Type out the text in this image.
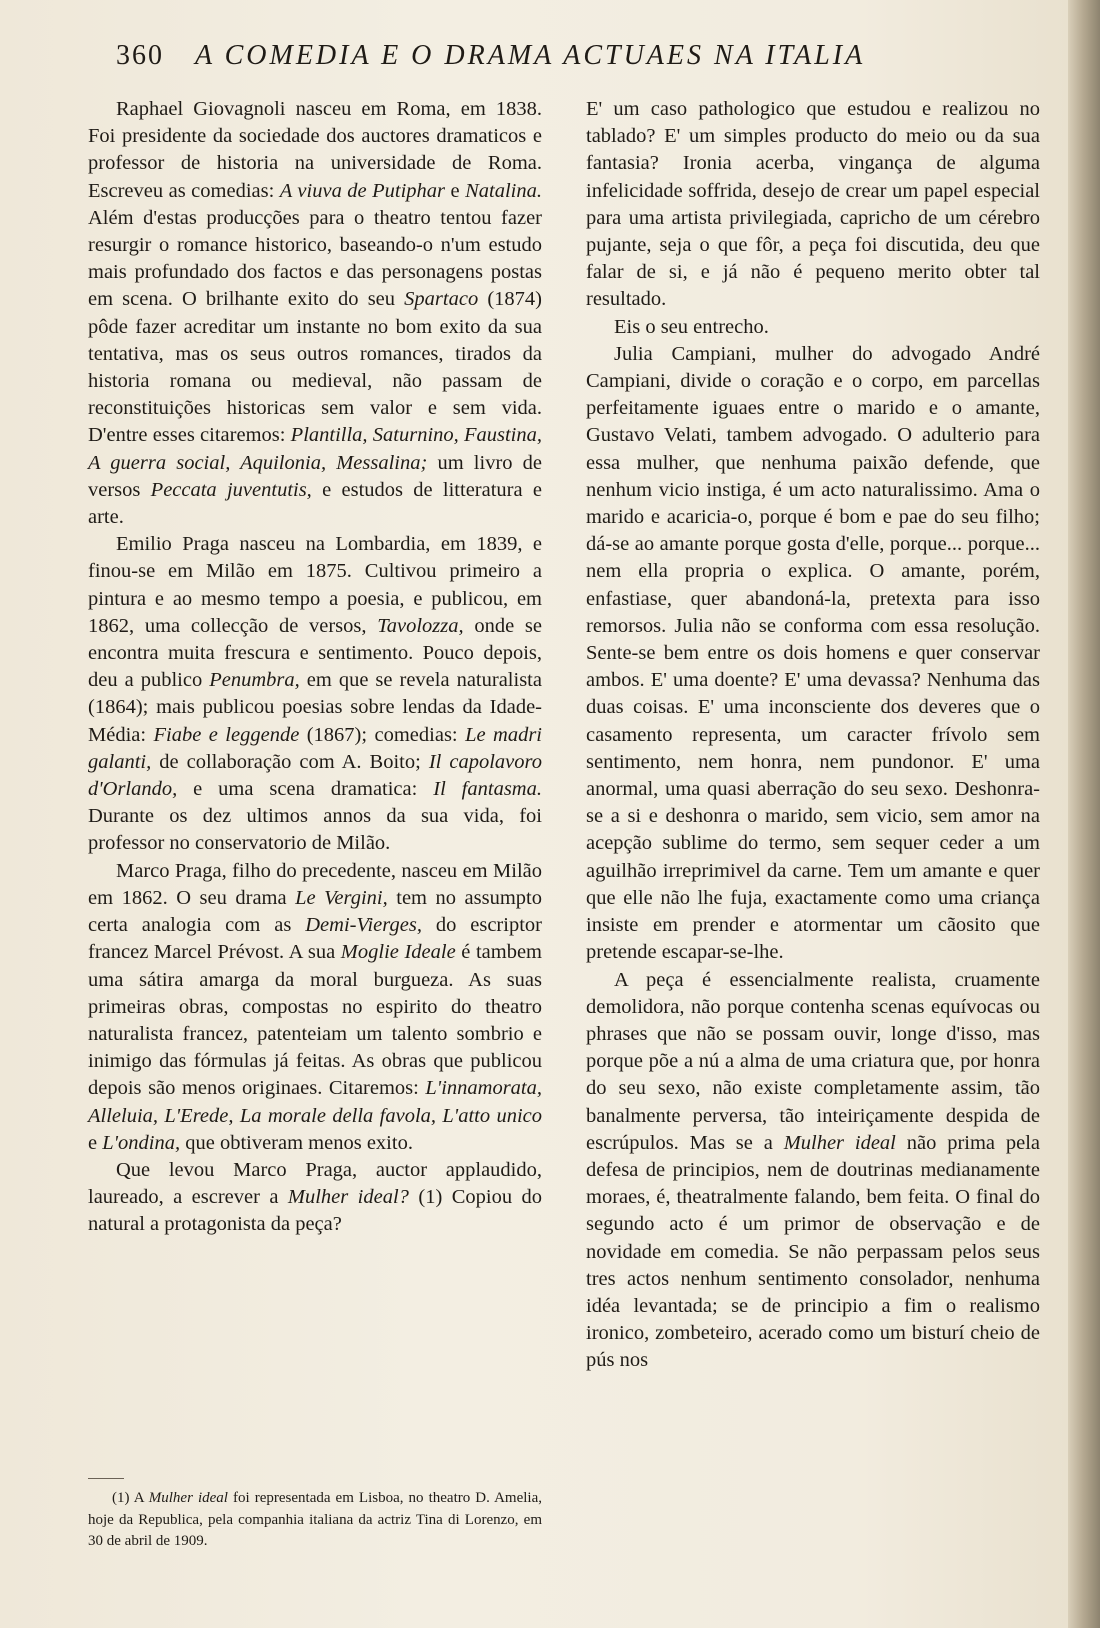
360 A COMEDIA E O DRAMA ACTUAES NA ITALIA

Raphael Giovagnoli nasceu em Roma, em 1838. Foi presidente da sociedade dos auctores dramaticos e professor de historia na universidade de Roma. Escreveu as comedias: A viuva de Putiphar e Natalina. Além d'estas producções para o theatro tentou fazer resurgir o romance historico, baseando-o n'um estudo mais profundado dos factos e das personagens postas em scena. O brilhante exito do seu Spartaco (1874) pôde fazer acreditar um instante no bom exito da sua tentativa, mas os seus outros romances, tirados da historia romana ou medieval, não passam de reconstituições historicas sem valor e sem vida. D'entre esses citaremos: Plantilla, Saturnino, Faustina, A guerra social, Aquilonia, Messalina; um livro de versos Peccata juventutis, e estudos de litteratura e arte.

Emilio Praga nasceu na Lombardia, em 1839, e finou-se em Milão em 1875. Cultivou primeiro a pintura e ao mesmo tempo a poesia, e publicou, em 1862, uma collecção de versos, Tavolozza, onde se encontra muita frescura e sentimento. Pouco depois, deu a publico Penumbra, em que se revela naturalista (1864); mais publicou poesias sobre lendas da Idade-Média: Fiabe e leggende (1867); comedias: Le madri galanti, de collaboração com A. Boito; Il capolavoro d'Orlando, e uma scena dramatica: Il fantasma. Durante os dez ultimos annos da sua vida, foi professor no conservatorio de Milão.

Marco Praga, filho do precedente, nasceu em Milão em 1862. O seu drama Le Vergini, tem no assumpto certa analogia com as Demi-Vierges, do escriptor francez Marcel Prévost. A sua Moglie Ideale é tambem uma sátira amarga da moral burgueza. As suas primeiras obras, compostas no espirito do theatro naturalista francez, patenteiam um talento sombrio e inimigo das fórmulas já feitas. As obras que publicou depois são menos originaes. Citaremos: L'innamorata, Alleluia, L'Erede, La morale della favola, L'atto unico e L'ondina, que obtiveram menos exito.

Que levou Marco Praga, auctor applaudido, laureado, a escrever a Mulher ideal? (1) Copiou do natural a protagonista da peça?

E' um caso pathologico que estudou e realizou no tablado? E' um simples producto do meio ou da sua fantasia? Ironia acerba, vingança de alguma infelicidade soffrida, desejo de crear um papel especial para uma artista privilegiada, capricho de um cérebro pujante, seja o que fôr, a peça foi discutida, deu que falar de si, e já não é pequeno merito obter tal resultado.

Eis o seu entrecho.

Julia Campiani, mulher do advogado André Campiani, divide o coração e o corpo, em parcellas perfeitamente iguaes entre o marido e o amante, Gustavo Velati, tambem advogado. O adulterio para essa mulher, que nenhuma paixão defende, que nenhum vicio instiga, é um acto naturalissimo. Ama o marido e acaricia-o, porque é bom e pae do seu filho; dá-se ao amante porque gosta d'elle, porque... porque... nem ella propria o explica. O amante, porém, enfastiase, quer abandoná-la, pretexta para isso remorsos. Julia não se conforma com essa resolução. Sente-se bem entre os dois homens e quer conservar ambos. E' uma doente? E' uma devassa? Nenhuma das duas coisas. E' uma inconsciente dos deveres que o casamento representa, um caracter frívolo sem sentimento, nem honra, nem pundonor. E' uma anormal, uma quasi aberração do seu sexo. Deshonra-se a si e deshonra o marido, sem vicio, sem amor na acepção sublime do termo, sem sequer ceder a um aguilhão irreprimivel da carne. Tem um amante e quer que elle não lhe fuja, exactamente como uma criança insiste em prender e atormentar um cãosito que pretende escapar-se-lhe.

A peça é essencialmente realista, cruamente demolidora, não porque contenha scenas equívocas ou phrases que não se possam ouvir, longe d'isso, mas porque põe a nú a alma de uma criatura que, por honra do seu sexo, não existe completamente assim, tão banalmente perversa, tão inteiriçamente despida de escrúpulos. Mas se a Mulher ideal não prima pela defesa de principios, nem de doutrinas medianamente moraes, é, theatralmente falando, bem feita. O final do segundo acto é um primor de observação e de novidade em comedia. Se não perpassam pelos seus tres actos nenhum sentimento consolador, nenhuma idéa levantada; se de principio a fim o realismo ironico, zombeteiro, acerado como um bisturí cheio de pús nos

(1) A Mulher ideal foi representada em Lisboa, no theatro D. Amelia, hoje da Republica, pela companhia italiana da actriz Tina di Lorenzo, em 30 de abril de 1909.
